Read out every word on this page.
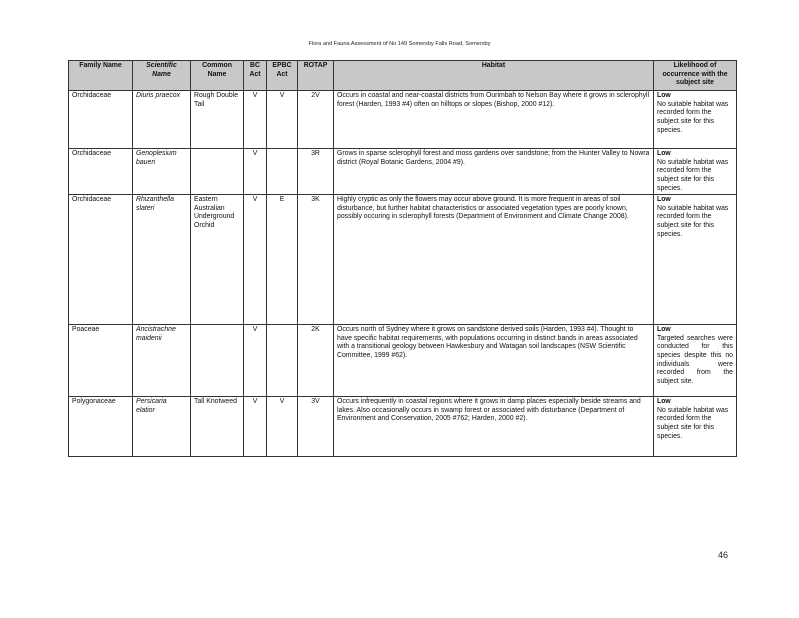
Flora and Fauna Assessment of No 149 Somersby Falls Road, Somersby
Family Name	Scientific Name	Common Name	BC Act	EPBC Act	ROTAP	Habitat	Likelihood of occurrence with the subject site
Orchidaceae	Diuris praecox	Rough Double Tail	V	V	2V	Occurs in coastal and near-coastal districts from Ourimbah to Nelson Bay where it grows in sclerophyll forest (Harden, 1993 #4) often on hilltops or slopes (Bishop, 2000 #12).	Low
No suitable habitat was recorded form the subject site for this species.
Orchidaceae	Genoplesium baueri		V		3R	Grows in sparse sclerophyll forest and moss gardens over sandstone; from the Hunter Valley to Nowra district (Royal Botanic Gardens, 2004 #9).	Low
No suitable habitat was recorded form the subject site for this species.
Orchidaceae	Rhizanthella slateri	Eastern Australian Underground Orchid	V	E	3K	Highly cryptic as only the flowers may occur above ground. It is more frequent in areas of soil disturbance, but further habitat characteristics or associated vegetation types are poorly known, possibly occuring in sclerophyll forests (Department of Environment and Climate Change 2008).	Low
No suitable habitat was recorded form the subject site for this species.
Poaceae	Ancistrachne maidenii		V		2K	Occurs north of Sydney where it grows on sandstone derived soils (Harden, 1993 #4). Thought to have specific habitat requirements, with populations occurring in distinct bands in areas associated with a transitional geology between Hawkesbury and Watagan soil landscapes (NSW Scientific Committee, 1999 #62).	Low
Targeted searches were conducted for this species despite this no individuals were recorded from the subject site.
Polygonaceae	Persicaria elatior	Tall Knotweed	V	V	3V	Occurs infrequently in coastal regions where it grows in damp places especially beside streams and lakes. Also occasionally occurs in swamp forest or associated with disturbance (Department of Environment and Conservation, 2005 #762; Harden, 2000 #2).	Low
No suitable habitat was recorded form the subject site for this species.
46
